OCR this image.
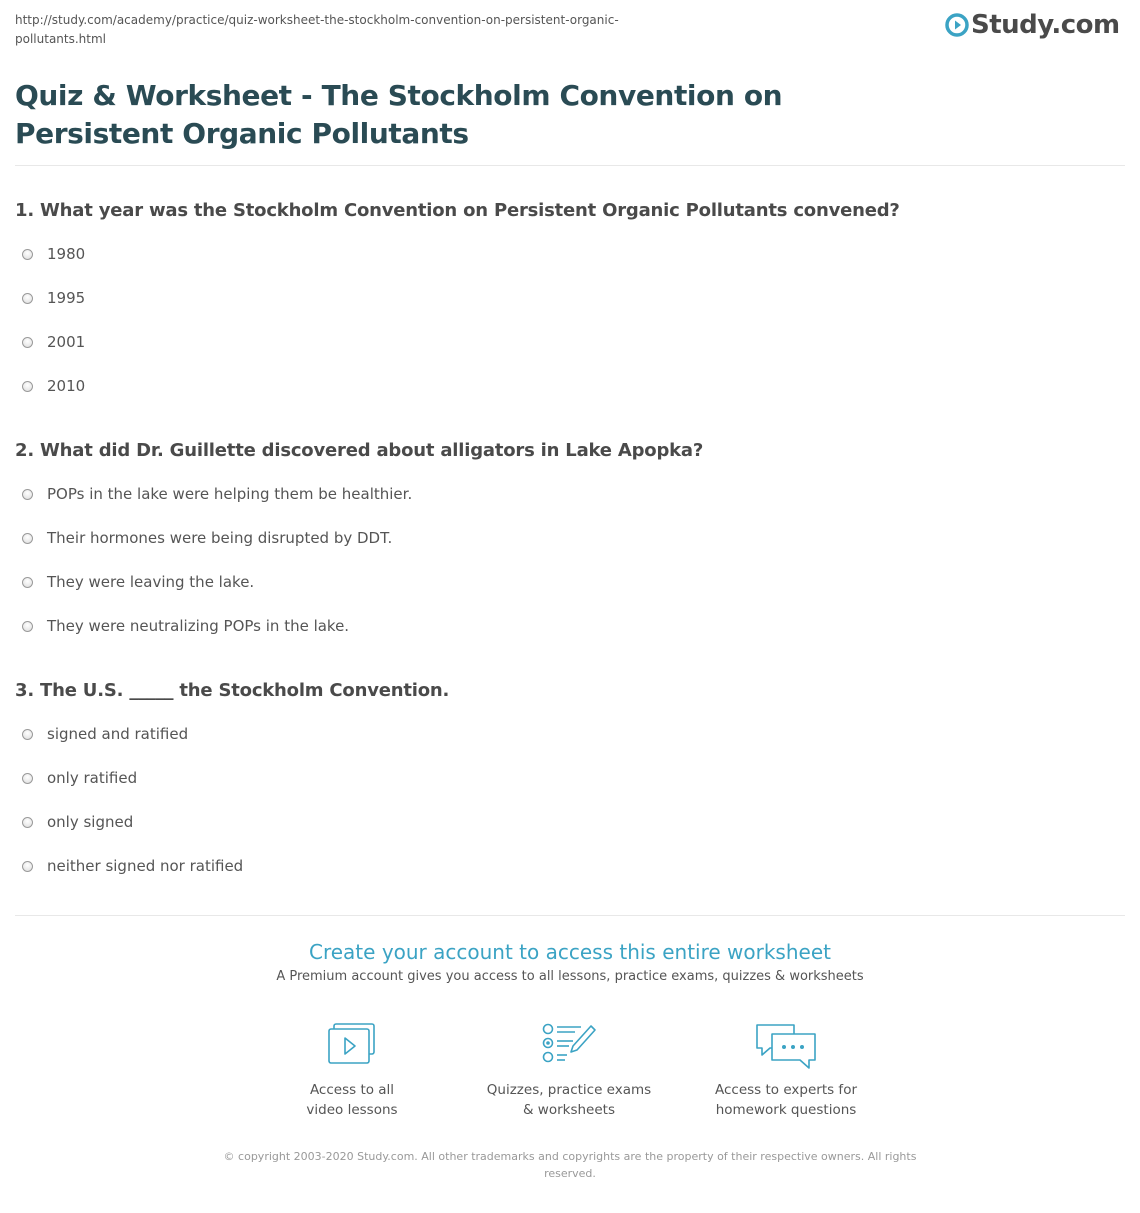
http://study.com/academy/practice/quiz-worksheet-the-stockholm-convention-on-persistent-organic-pollutants.html	Study.com
Quiz & Worksheet - The Stockholm Convention on Persistent Organic Pollutants
1. What year was the Stockholm Convention on Persistent Organic Pollutants convened?
1980
1995
2001
2010
2. What did Dr. Guillette discovered about alligators in Lake Apopka?
POPs in the lake were helping them be healthier.
Their hormones were being disrupted by DDT.
They were leaving the lake.
They were neutralizing POPs in the lake.
3. The U.S. _____ the Stockholm Convention.
signed and ratified
only ratified
only signed
neither signed nor ratified
Create your account to access this entire worksheet
A Premium account gives you access to all lessons, practice exams, quizzes & worksheets
Access to all
video lessons
Quizzes, practice exams
& worksheets
Access to experts for
homework questions
© copyright 2003-2020 Study.com. All other trademarks and copyrights are the property of their respective owners. All rights reserved.
